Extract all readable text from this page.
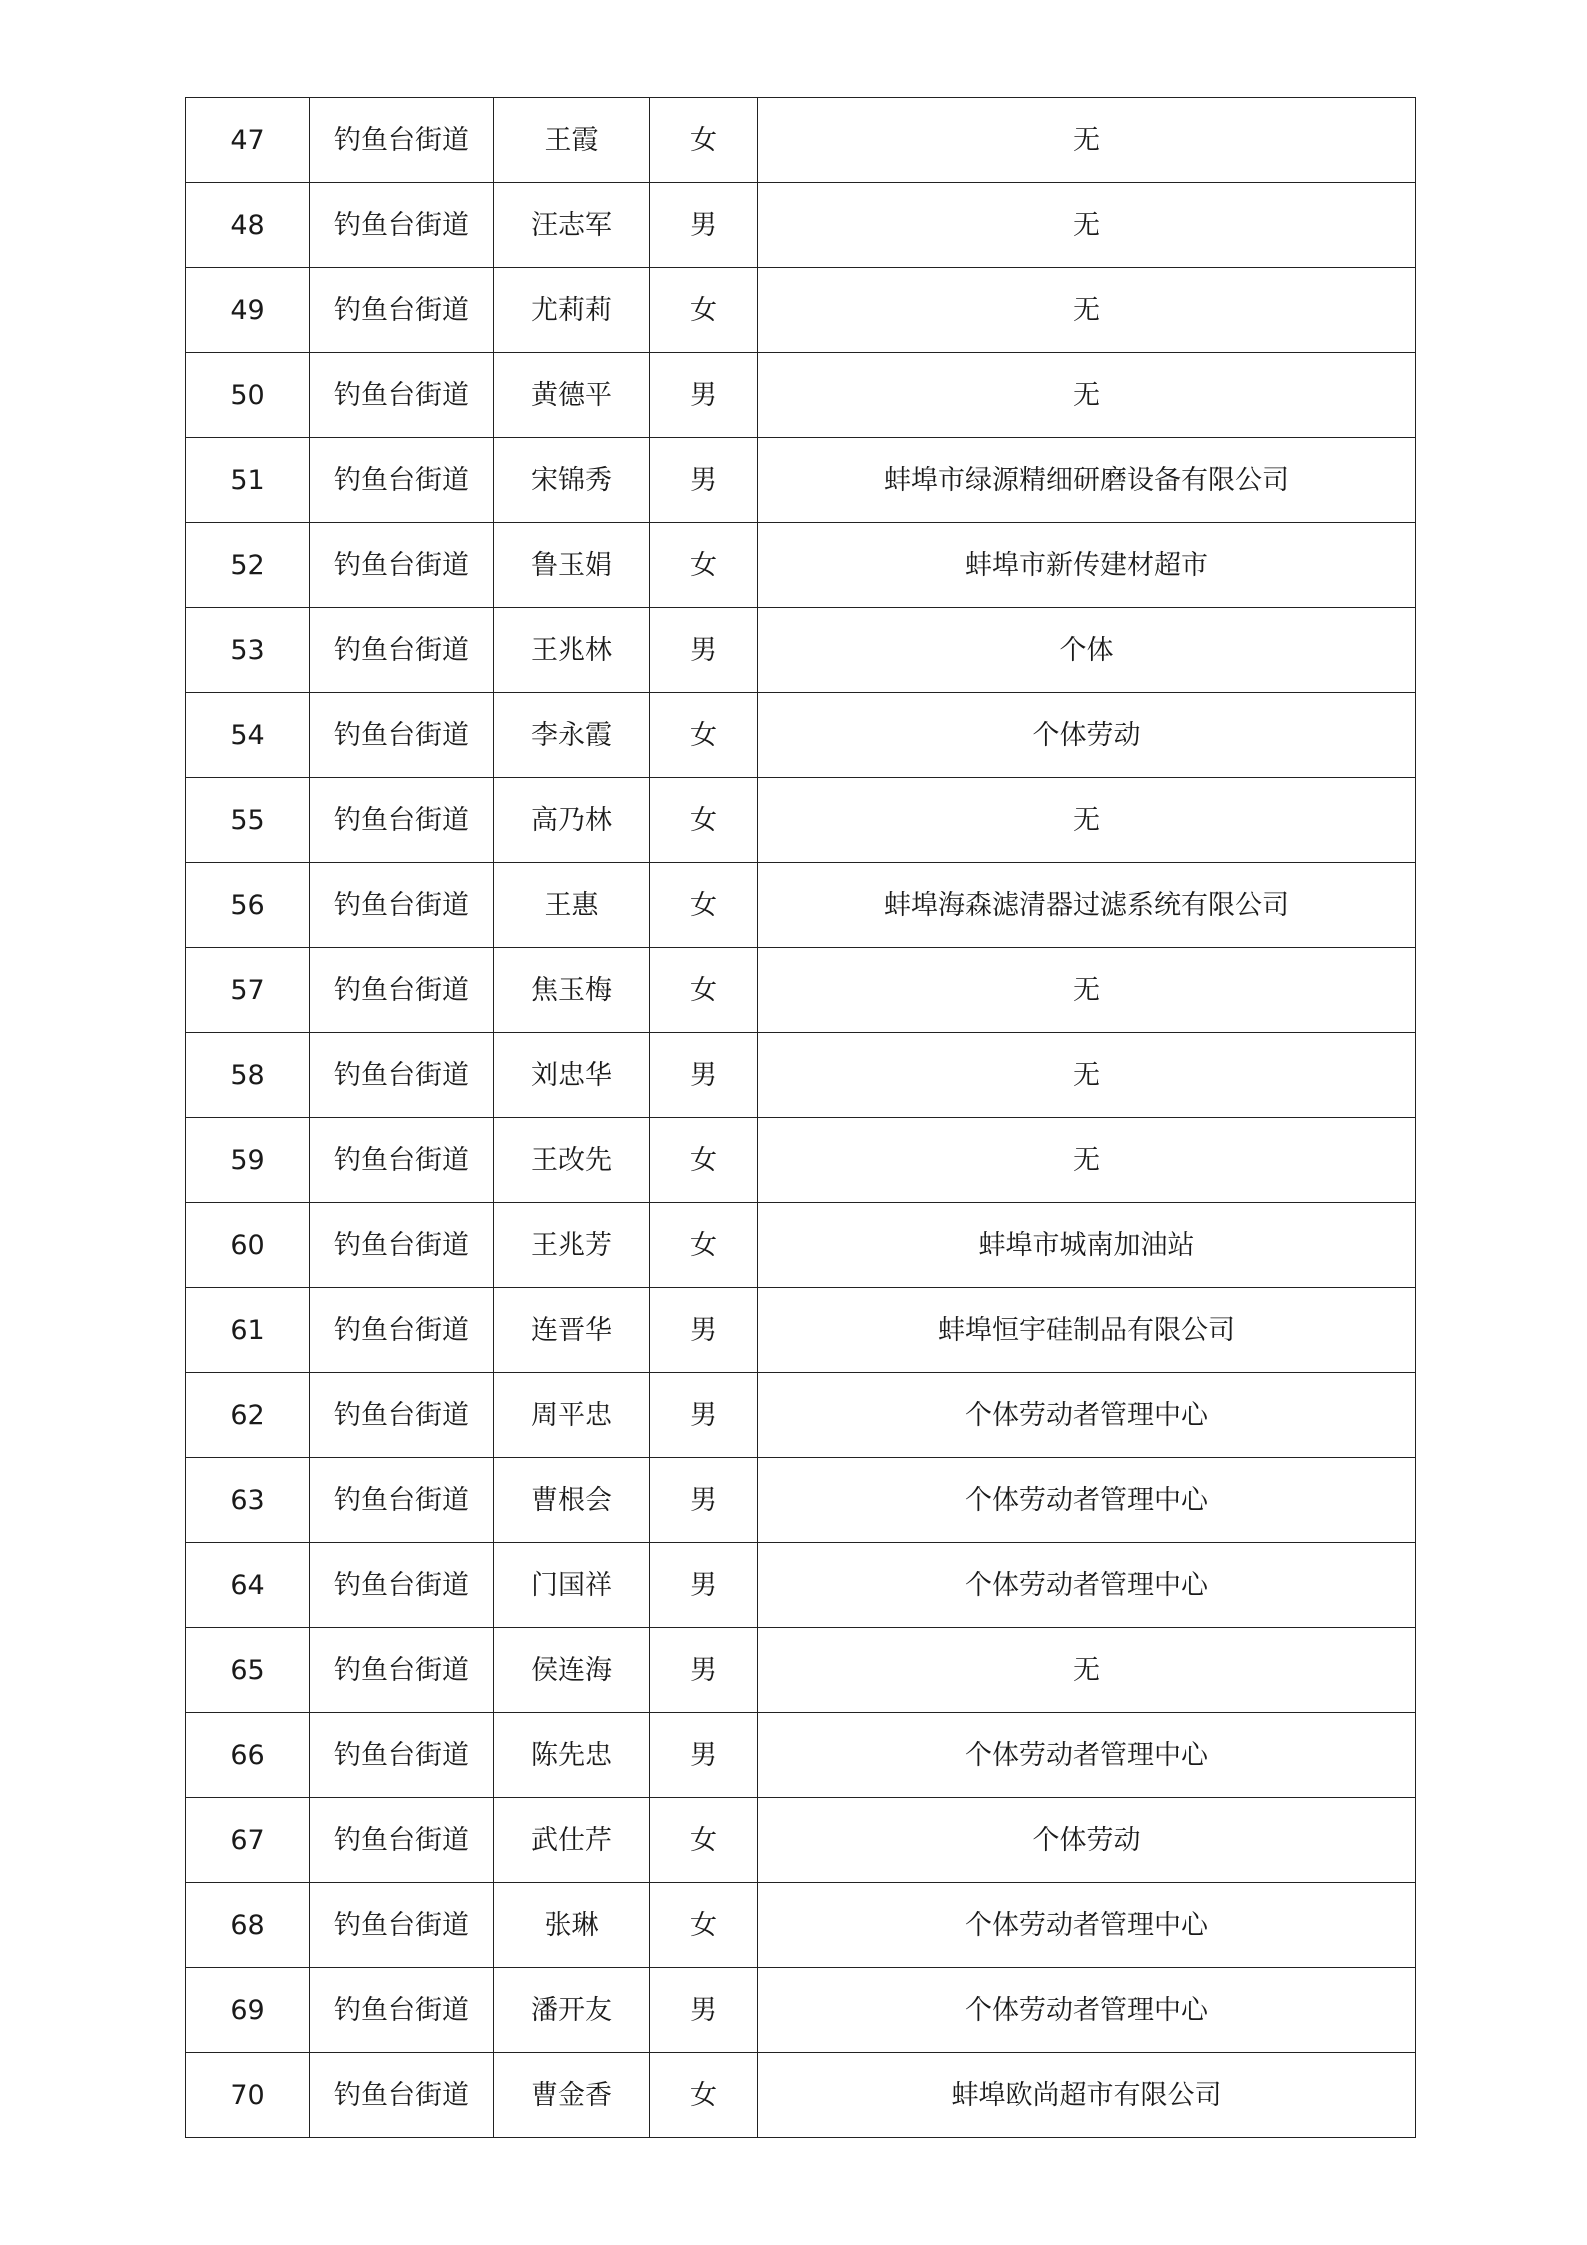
47	钓鱼台街道	王霞	女	无
48	钓鱼台街道	汪志军	男	无
49	钓鱼台街道	尤莉莉	女	无
50	钓鱼台街道	黄德平	男	无
51	钓鱼台街道	宋锦秀	男	蚌埠市绿源精细研磨设备有限公司
52	钓鱼台街道	鲁玉娟	女	蚌埠市新传建材超市
53	钓鱼台街道	王兆林	男	个体
54	钓鱼台街道	李永霞	女	个体劳动
55	钓鱼台街道	高乃林	女	无
56	钓鱼台街道	王惠	女	蚌埠海森滤清器过滤系统有限公司
57	钓鱼台街道	焦玉梅	女	无
58	钓鱼台街道	刘忠华	男	无
59	钓鱼台街道	王改先	女	无
60	钓鱼台街道	王兆芳	女	蚌埠市城南加油站
61	钓鱼台街道	连晋华	男	蚌埠恒宇硅制品有限公司
62	钓鱼台街道	周平忠	男	个体劳动者管理中心
63	钓鱼台街道	曹根会	男	个体劳动者管理中心
64	钓鱼台街道	门国祥	男	个体劳动者管理中心
65	钓鱼台街道	侯连海	男	无
66	钓鱼台街道	陈先忠	男	个体劳动者管理中心
67	钓鱼台街道	武仕芹	女	个体劳动
68	钓鱼台街道	张琳	女	个体劳动者管理中心
69	钓鱼台街道	潘开友	男	个体劳动者管理中心
70	钓鱼台街道	曹金香	女	蚌埠欧尚超市有限公司
